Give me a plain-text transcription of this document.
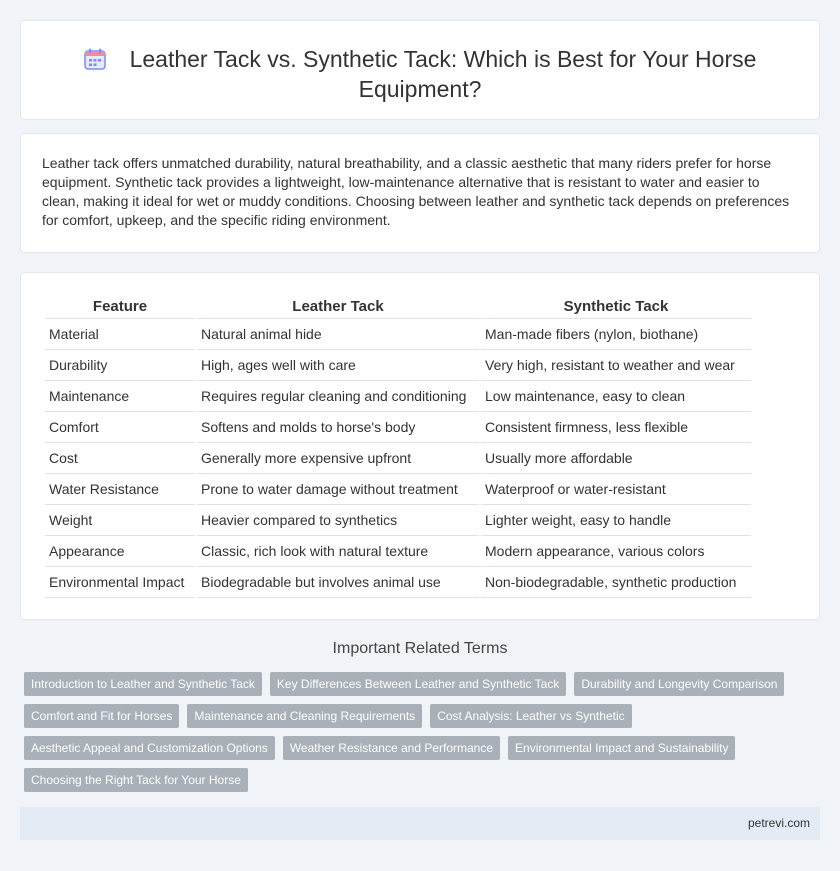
Leather Tack vs. Synthetic Tack: Which is Best for Your Horse Equipment?

Leather tack offers unmatched durability, natural breathability, and a classic aesthetic that many riders prefer for horse equipment. Synthetic tack provides a lightweight, low-maintenance alternative that is resistant to water and easier to clean, making it ideal for wet or muddy conditions. Choosing between leather and synthetic tack depends on preferences for comfort, upkeep, and the specific riding environment.

Feature	Leather Tack	Synthetic Tack
Material	Natural animal hide	Man-made fibers (nylon, biothane)
Durability	High, ages well with care	Very high, resistant to weather and wear
Maintenance	Requires regular cleaning and conditioning	Low maintenance, easy to clean
Comfort	Softens and molds to horse's body	Consistent firmness, less flexible
Cost	Generally more expensive upfront	Usually more affordable
Water Resistance	Prone to water damage without treatment	Waterproof or water-resistant
Weight	Heavier compared to synthetics	Lighter weight, easy to handle
Appearance	Classic, rich look with natural texture	Modern appearance, various colors
Environmental Impact	Biodegradable but involves animal use	Non-biodegradable, synthetic production
Important Related Terms
Introduction to Leather and Synthetic Tack	Key Differences Between Leather and Synthetic Tack	Durability and Longevity Comparison
Comfort and Fit for Horses	Maintenance and Cleaning Requirements	Cost Analysis: Leather vs Synthetic
Aesthetic Appeal and Customization Options	Weather Resistance and Performance	Environmental Impact and Sustainability
Choosing the Right Tack for Your Horse
petrevi.com
